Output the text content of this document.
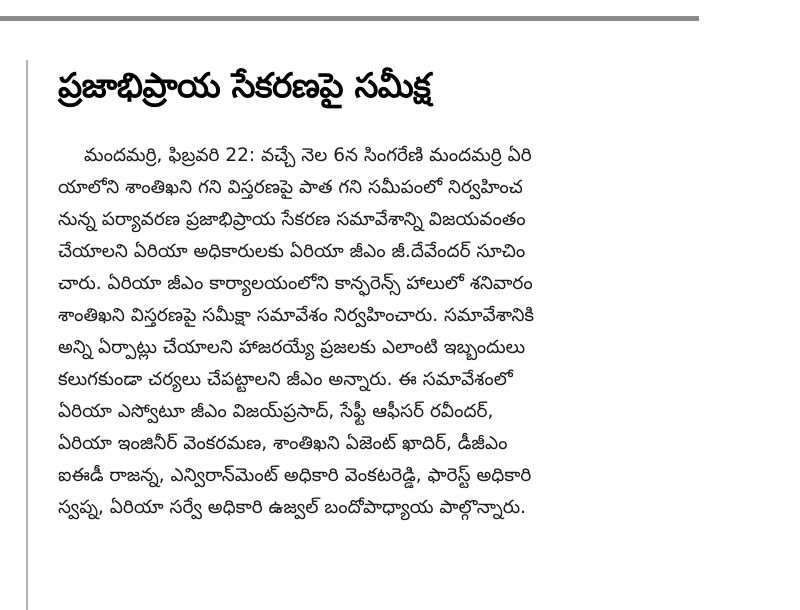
ప్రజాభిప్రాయ సేకరణపై సమీక్ష
మందమర్రి, ఫిబ్రవరి 22: వచ్చే నెల 6న సింగరేణి మందమర్రి ఏరి
యాలోని శాంతిఖని గని విస్తరణపై పాత గని సమీపంలో నిర్వహించ
నున్న పర్యావరణ ప్రజాభిప్రాయ సేకరణ సమావేశాన్ని విజయవంతం
చేయాలని ఏరియా అధికారులకు ఏరియా జీఎం జీ.దేవేందర్ సూచిం
చారు. ఏరియా జీఎం కార్యాలయంలోని కాన్ఫరెన్స్ హాలులో శనివారం
శాంతిఖని విస్తరణపై సమీక్షా సమావేశం నిర్వహించారు. సమావేశానికి
అన్ని ఏర్పాట్లు చేయాలని హాజరయ్యే ప్రజలకు ఎలాంటి ఇబ్బందులు
కలుగకుండా చర్యలు చేపట్టాలని జీఎం అన్నారు. ఈ సమావేశంలో
ఏరియా ఎస్వోటూ జీఎం విజయ్‌ప్రసాద్, సేఫ్టీ ఆఫీసర్ రవీందర్,
ఏరియా ఇంజినీర్ వెంకరమణ, శాంతిఖని ఏజెంట్ ఖాదిర్, డీజీఎం
ఐఈడీ రాజన్న, ఎన్విరాన్‌మెంట్ అధికారి వెంకటరెడ్డి, ఫారెస్ట్ అధికారి
స్వప్న, ఏరియా సర్వే అధికారి ఉజ్వల్ బందోపాధ్యాయ పాల్గొన్నారు.
